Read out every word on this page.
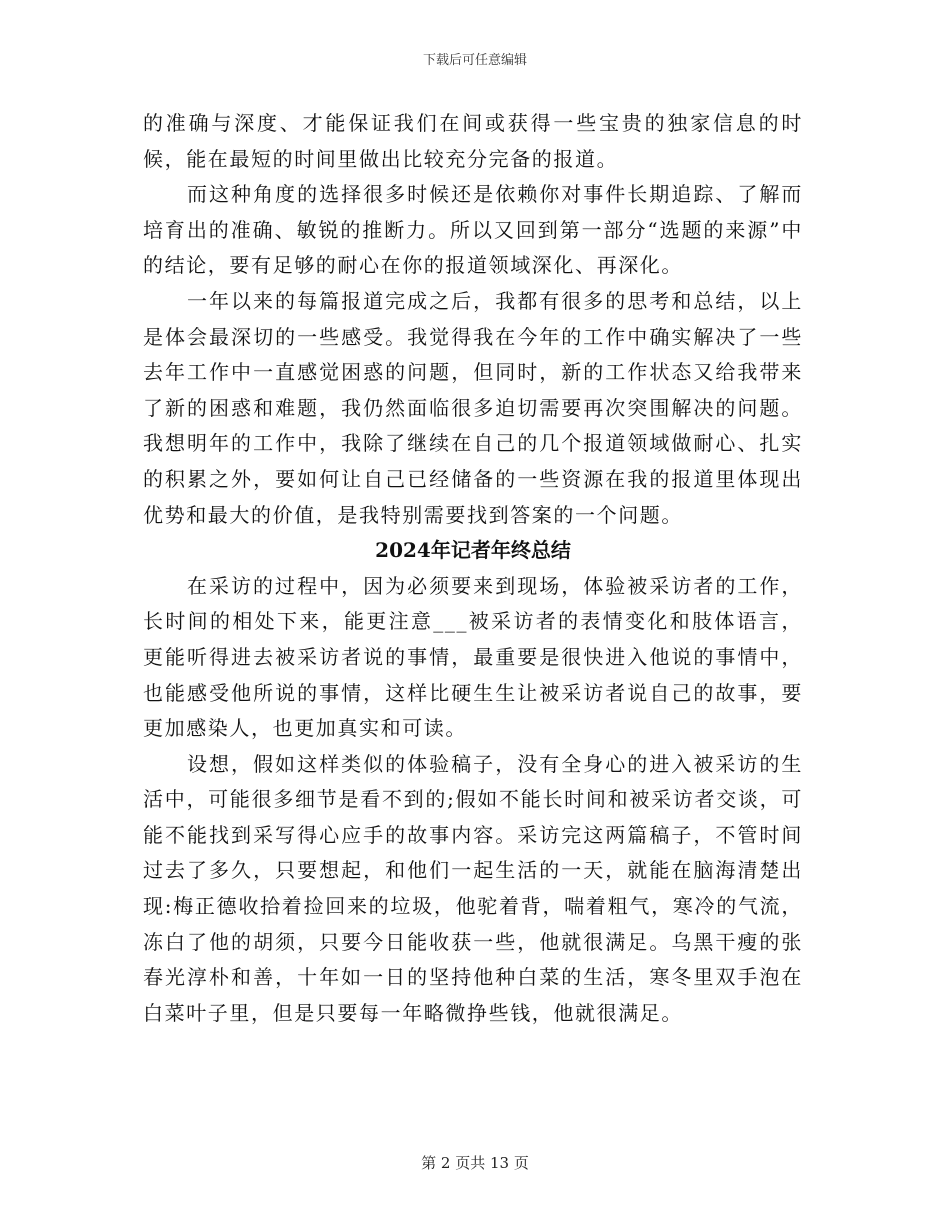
下载后可任意编辑

的准确与深度、才能保证我们在间或获得一些宝贵的独家信息的时候，能在最短的时间里做出比较充分完备的报道。

而这种角度的选择很多时候还是依赖你对事件长期追踪、了解而培育出的准确、敏锐的推断力。所以又回到第一部分“选题的来源”中的结论，要有足够的耐心在你的报道领域深化、再深化。

一年以来的每篇报道完成之后，我都有很多的思考和总结，以上是体会最深切的一些感受。我觉得我在今年的工作中确实解决了一些去年工作中一直感觉困惑的问题，但同时，新的工作状态又给我带来了新的困惑和难题，我仍然面临很多迫切需要再次突围解决的问题。我想明年的工作中，我除了继续在自己的几个报道领域做耐心、扎实的积累之外，要如何让自己已经储备的一些资源在我的报道里体现出优势和最大的价值，是我特别需要找到答案的一个问题。

2024年记者年终总结

在采访的过程中，因为必须要来到现场，体验被采访者的工作，长时间的相处下来，能更注意___被采访者的表情变化和肢体语言，更能听得进去被采访者说的事情，最重要是很快进入他说的事情中，也能感受他所说的事情，这样比硬生生让被采访者说自己的故事，要更加感染人，也更加真实和可读。

设想，假如这样类似的体验稿子，没有全身心的进入被采访的生活中，可能很多细节是看不到的;假如不能长时间和被采访者交谈，可能不能找到采写得心应手的故事内容。采访完这两篇稿子，不管时间过去了多久，只要想起，和他们一起生活的一天，就能在脑海清楚出现:梅正德收拾着捡回来的垃圾，他驼着背，喘着粗气，寒冷的气流，冻白了他的胡须，只要今日能收获一些，他就很满足。乌黑干瘦的张春光淳朴和善，十年如一日的坚持他种白菜的生活，寒冬里双手泡在白菜叶子里，但是只要每一年略微挣些钱，他就很满足。

第 2 页共 13 页
